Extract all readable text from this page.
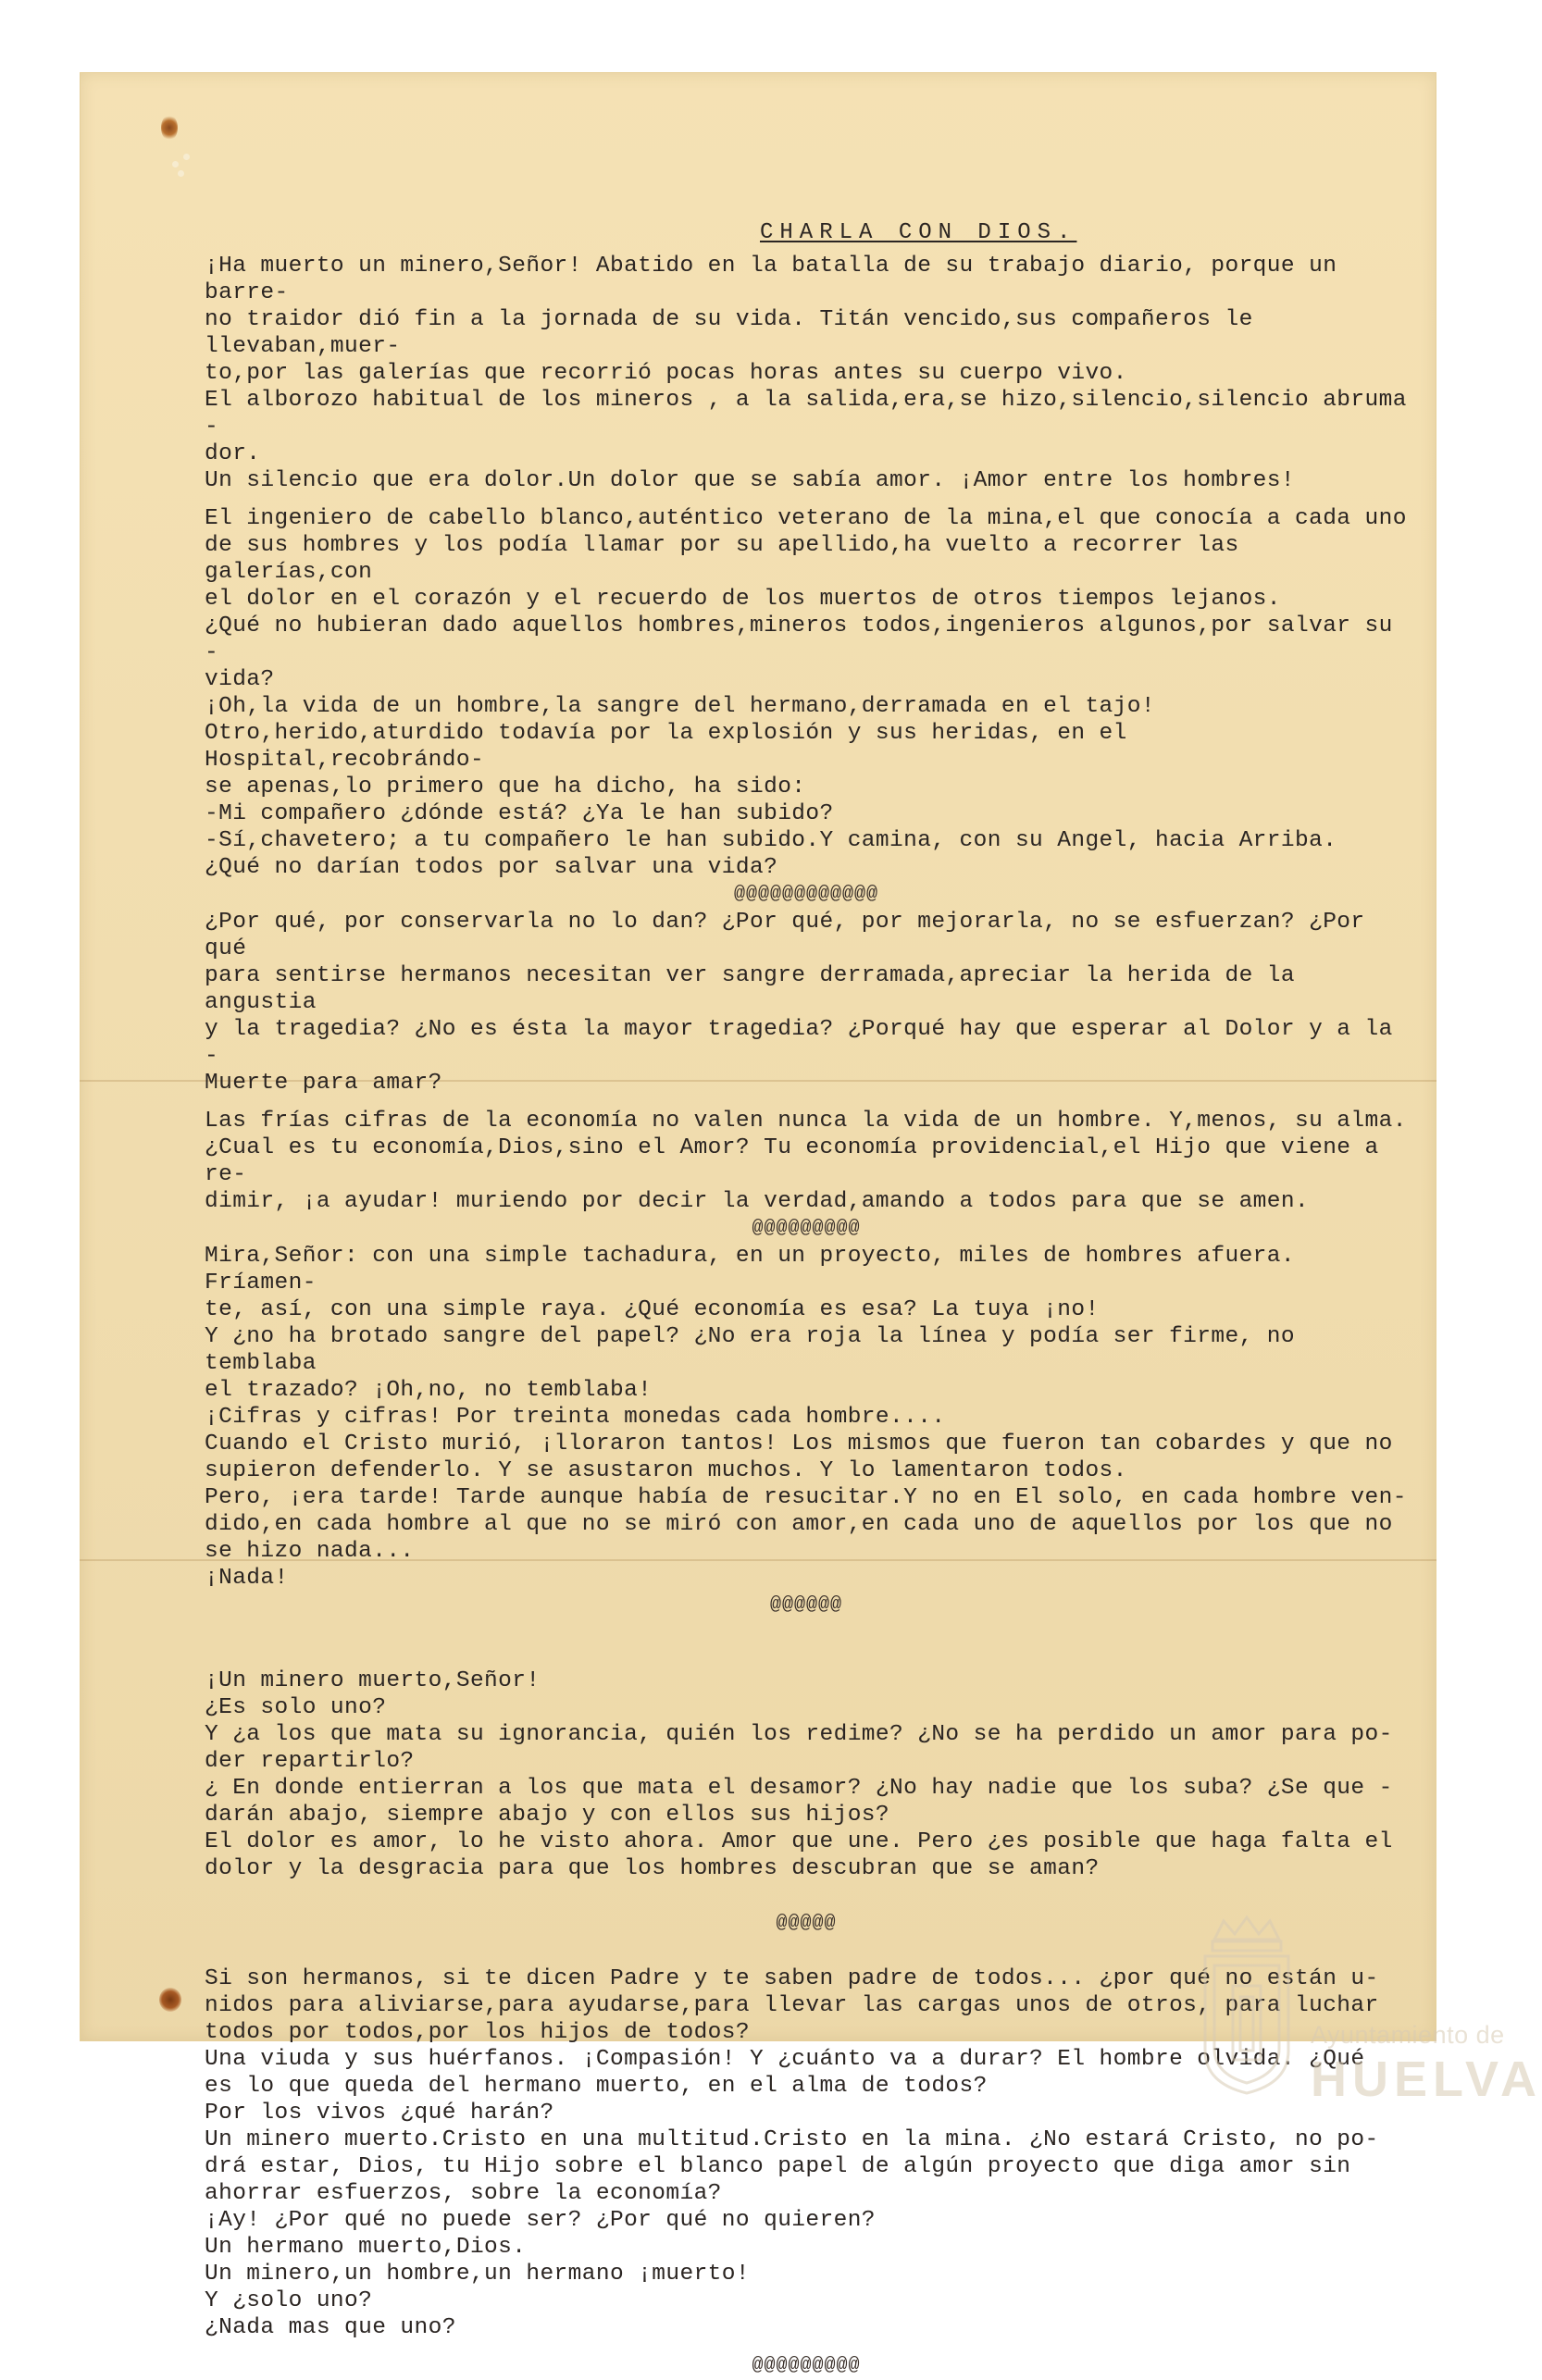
CHARLA CON DIOS.
¡Ha muerto un minero,Señor! Abatido en la batalla de su trabajo diario, porque un barre-
no traidor dió fin a la jornada de su vida. Titán vencido,sus compañeros le llevaban,muer-
to,por las galerías que recorrió pocas horas antes su cuerpo vivo.
El alborozo habitual de los mineros , a la salida,era,se hizo,silencio,silencio abruma -
dor.
Un silencio que era dolor.Un dolor que se sabía amor. ¡Amor entre los hombres!
El ingeniero de cabello blanco,auténtico veterano de la mina,el que conocía a cada uno
de sus hombres y los podía llamar por su apellido,ha vuelto a recorrer las galerías,con
el dolor en el corazón y el recuerdo de los muertos de otros tiempos lejanos.
¿Qué no hubieran dado aquellos hombres,mineros todos,ingenieros algunos,por salvar su -
vida?
¡Oh,la vida de un hombre,la sangre del hermano,derramada en el tajo!
Otro,herido,aturdido todavía por la explosión y sus heridas, en el Hospital,recobrándo-
se apenas,lo primero que ha dicho, ha sido:
-Mi compañero ¿dónde está? ¿Ya le han subido?
-Sí,chavetero; a tu compañero le han subido.Y camina, con su Angel, hacia Arriba.
¿Qué no darían todos por salvar una vida?
@@@@@@@@@@@@
¿Por qué, por conservarla no lo dan? ¿Por qué, por mejorarla, no se esfuerzan? ¿Por qué
para sentirse hermanos necesitan ver sangre derramada,apreciar la herida de la angustia
y la tragedia? ¿No es ésta la mayor tragedia? ¿Porqué hay que esperar al Dolor y a la -
Muerte para amar?
Las frías cifras de la economía no valen nunca la vida de un hombre. Y,menos, su alma.
¿Cual es tu economía,Dios,sino el Amor? Tu economía providencial,el Hijo que viene a re-
dimir, ¡a ayudar! muriendo por decir la verdad,amando a todos para que se amen.
@@@@@@@@@
Mira,Señor: con una simple tachadura, en un proyecto, miles de hombres afuera. Fríamen-
te, así, con una simple raya. ¿Qué economía es esa? La tuya ¡no!
Y ¿no ha brotado sangre del papel? ¿No era roja la línea y podía ser firme, no temblaba
el trazado? ¡Oh,no, no temblaba!
¡Cifras y cifras! Por treinta monedas cada hombre....
Cuando el Cristo murió, ¡lloraron tantos! Los mismos que fueron tan cobardes y que no
supieron defenderlo. Y se asustaron muchos. Y lo lamentaron todos.
Pero, ¡era tarde! Tarde aunque había de resucitar.Y no en El solo, en cada hombre ven-
dido,en cada hombre al que no se miró con amor,en cada uno de aquellos por los que no
se hizo nada...
¡Nada!
@@@@@@
¡Un minero muerto,Señor!
¿Es solo uno?
Y ¿a los que mata su ignorancia, quién los redime? ¿No se ha perdido un amor para po-
der repartirlo?
¿ En donde entierran a los que mata el desamor? ¿No hay nadie que los suba? ¿Se que -
darán abajo, siempre abajo y con ellos sus hijos?
El dolor es amor, lo he visto ahora. Amor que une. Pero ¿es posible que haga falta el
dolor y la desgracia para que los hombres descubran que se aman?
@@@@@
Si son hermanos, si te dicen Padre y te saben padre de todos... ¿por qué no están u-
nidos para aliviarse,para ayudarse,para llevar las cargas unos de otros, para luchar
todos por todos,por los hijos de todos?
Una viuda y sus huérfanos. ¡Compasión! Y ¿cuánto va a durar? El hombre olvida. ¿Qué
es lo que queda del hermano muerto, en el alma de todos?
Por los vivos ¿qué harán?
Un minero muerto.Cristo en una multitud.Cristo en la mina. ¿No estará Cristo, no po-
drá estar, Dios, tu Hijo sobre el blanco papel de algún proyecto que diga amor sin
ahorrar esfuerzos, sobre la economía?
¡Ay! ¿Por qué no puede ser? ¿Por qué no quieren?
Un hermano muerto,Dios.
Un minero,un hombre,un hermano ¡muerto!
Y ¿solo uno?
¿Nada mas que uno?
@@@@@@@@@
Ayuntamiento de
HUELVA
